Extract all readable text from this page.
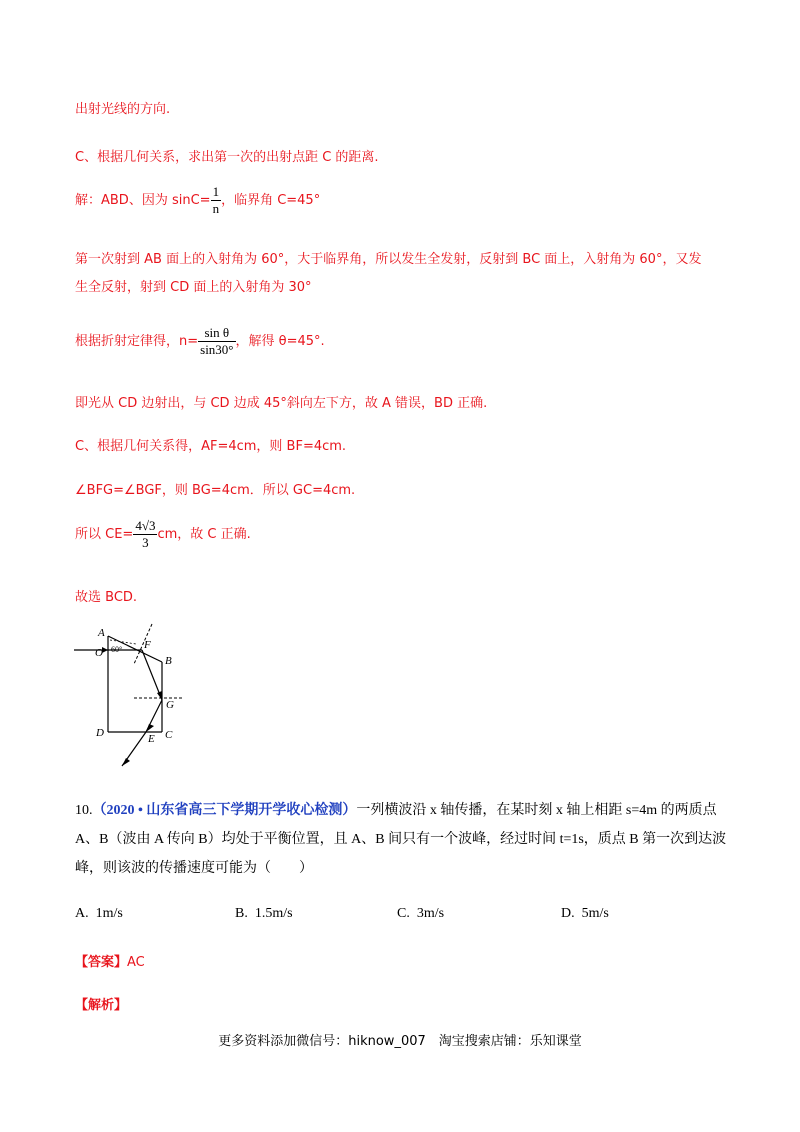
出射光线的方向.
C、根据几何关系，求出第一次的出射点距 C 的距离.
解：ABD、因为 $\sin C= \frac{1}{n}$ ，临界角 C=45°
第一次射到 AB 面上的入射角为 60°，大于临界角，所以发生全发射，反射到 BC 面上，入射角为 60°，又发
生全反射，射到 CD 面上的入射角为 30°
根据折射定律得，$n= \frac{\text{sin θ}}{\sin 30^\circ}$ ，解得 θ=45°.
即光从 CD 边射出，与 CD 边成 45°斜向左下方，故 A 错误，BD 正确.
C、根据几何关系得，AF=4cm，则 BF=4cm.
∠BFG=∠BGF，则 BG=4cm．所以 GC=4cm.
所以 $CE= \frac{4√3}{3}$ cm，故 C 正确.
故选 BCD.
A
O 60° F
B
G
D	E C
10.（2020 • 山东省高三下学期开学收心检测）一列横波沿 x 轴传播，在某时刻 x 轴上相距 s=4m 的两质点
A、B（波由 A 传向 B）均处于平衡位置，且 A、B 间只有一个波峰，经过时间 t=1s，质点 B 第一次到达波
峰，则该波的传播速度可能为（　　）
A. 1m/s	B. 1.5m/s	C. 3m/s	D. 5m/s
【答案】AC
【解析】
更多资料添加微信号：hiknow_007　淘宝搜索店铺：乐知课堂
